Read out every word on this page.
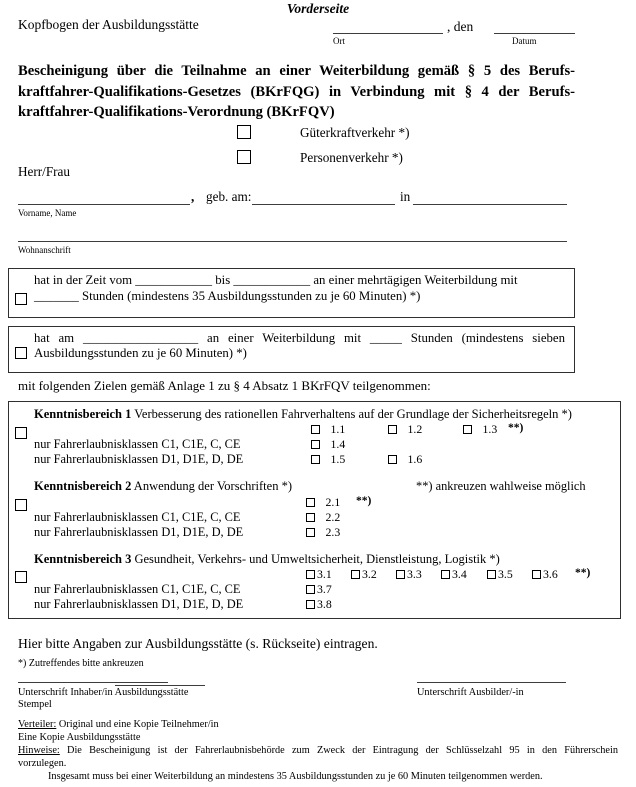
Vorderseite
Kopfbogen der Ausbildungsstätte
Ort
, den
Datum
Bescheinigung über die Teilnahme an einer Weiterbildung gemäß § 5 des Berufs-
kraftfahrer-Qualifikations-Gesetzes (BKrFQG) in Verbindung mit § 4 der Berufs-
kraftfahrer-Qualifikations-Verordnung (BKrFQV)
Güterkraftverkehr *)
Personenverkehr *)
Herr/Frau
, geb. am:	in
Vorname, Name
Wohnanschrift
hat in der Zeit vom ____________ bis ____________ an einer mehrtägigen Weiterbildung mit
_______ Stunden (mindestens 35 Ausbildungsstunden zu je 60 Minuten) *)
hat am __________________ an einer Weiterbildung mit _____ Stunden (mindestens sieben
Ausbildungsstunden zu je 60 Minuten) *)
mit folgenden Zielen gemäß Anlage 1 zu § 4 Absatz 1 BKrFQV teilgenommen:
Kenntnisbereich 1 Verbesserung des rationellen Fahrverhaltens auf der Grundlage der Sicherheitsregeln *)
1.1	1.2	1.3 **)
nur Fahrerlaubnisklassen C1, C1E, C, CE	1.4
nur Fahrerlaubnisklassen D1, D1E, D, DE	1.5	1.6
Kenntnisbereich 2 Anwendung der Vorschriften *)	**) ankreuzen wahlweise möglich
2.1 **)
nur Fahrerlaubnisklassen C1, C1E, C, CE	2.2
nur Fahrerlaubnisklassen D1, D1E, D, DE	2.3
Kenntnisbereich 3 Gesundheit, Verkehrs- und Umweltsicherheit, Dienstleistung, Logistik *)
3.1	3.2	3.3	3.4	3.5	3.6 **)
nur Fahrerlaubnisklassen C1, C1E, C, CE	3.7
nur Fahrerlaubnisklassen D1, D1E, D, DE	3.8
Hier bitte Angaben zur Ausbildungsstätte (s. Rückseite) eintragen.
*) Zutreffendes bitte ankreuzen
Unterschrift Inhaber/in Ausbildungsstätte
Stempel
Unterschrift Ausbilder/-in
Verteiler: Original und eine Kopie Teilnehmer/in
Eine Kopie Ausbildungsstätte
Hinweise: Die Bescheinigung ist der Fahrerlaubnisbehörde zum Zweck der Eintragung der Schlüsselzahl 95 in den Führerschein
vorzulegen.
Insgesamt muss bei einer Weiterbildung an mindestens 35 Ausbildungsstunden zu je 60 Minuten teilgenommen werden.
